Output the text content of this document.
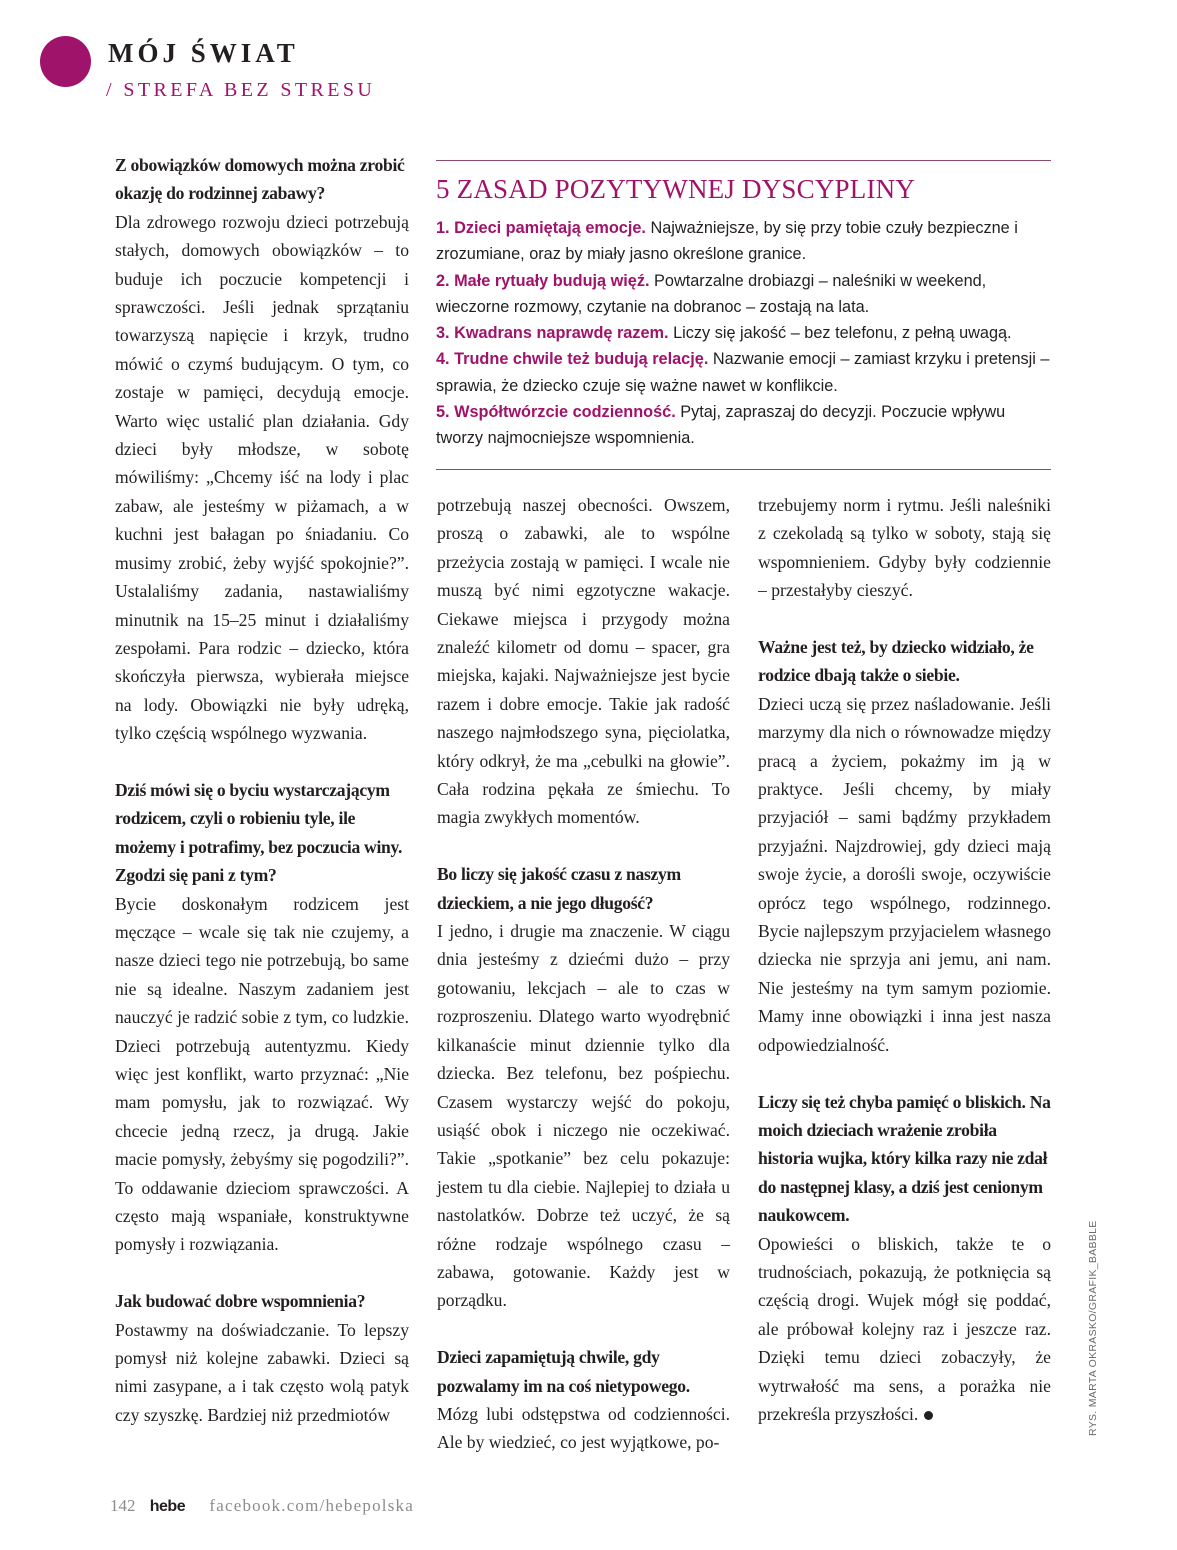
MÓJ ŚWIAT
/ STREFA BEZ STRESU

Z obowiązków domowych można zrobić okazję do rodzinnej zabawy?
Dla zdrowego rozwoju dzieci potrzebują stałych, domowych obowiązków – to buduje ich poczucie kompetencji i sprawczości. Jeśli jednak sprzątaniu towarzyszą napięcie i krzyk, trudno mówić o czymś budującym. O tym, co zostaje w pamięci, decydują emocje. Warto więc ustalić plan działania. Gdy dzieci były młodsze, w sobotę mówiliśmy: „Chcemy iść na lody i plac zabaw, ale jesteśmy w piżamach, a w kuchni jest bałagan po śniadaniu. Co musimy zrobić, żeby wyjść spokojnie?”. Ustalaliśmy zadania, nastawialiśmy minutnik na 15–25 minut i działaliśmy zespołami. Para rodzic – dziecko, która skończyła pierwsza, wybierała miejsce na lody. Obowiązki nie były udręką, tylko częścią wspólnego wyzwania.

Dziś mówi się o byciu wystarczającym rodzicem, czyli o robieniu tyle, ile możemy i potrafimy, bez poczucia winy. Zgodzi się pani z tym?
Bycie doskonałym rodzicem jest męczące – wcale się tak nie czujemy, a nasze dzieci tego nie potrzebują, bo same nie są idealne. Naszym zadaniem jest nauczyć je radzić sobie z tym, co ludzkie. Dzieci potrzebują autentyzmu. Kiedy więc jest konflikt, warto przyznać: „Nie mam pomysłu, jak to rozwiązać. Wy chcecie jedną rzecz, ja drugą. Jakie macie pomysły, żebyśmy się pogodzili?”. To oddawanie dzieciom sprawczości. A często mają wspaniałe, konstruktywne pomysły i rozwiązania.

Jak budować dobre wspomnienia?
Postawmy na doświadczanie. To lepszy pomysł niż kolejne zabawki. Dzieci są nimi zasypane, a i tak często wolą patyk czy szyszkę. Bardziej niż przedmiotów

5 ZASAD POZYTYWNEJ DYSCYPLINY
1. Dzieci pamiętają emocje. Najważniejsze, by się przy tobie czuły bezpieczne i zrozumiane, oraz by miały jasno określone granice.
2. Małe rytuały budują więź. Powtarzalne drobiazgi – naleśniki w weekend, wieczorne rozmowy, czytanie na dobranoc – zostają na lata.
3. Kwadrans naprawdę razem. Liczy się jakość – bez telefonu, z pełną uwagą.
4. Trudne chwile też budują relację. Nazwanie emocji – zamiast krzyku i pretensji – sprawia, że dziecko czuje się ważne nawet w konflikcie.
5. Współtwórzcie codzienność. Pytaj, zapraszaj do decyzji. Poczucie wpływu tworzy najmocniejsze wspomnienia.

potrzebują naszej obecności. Owszem, proszą o zabawki, ale to wspólne przeżycia zostają w pamięci. I wcale nie muszą być nimi egzotyczne wakacje. Ciekawe miejsca i przygody można znaleźć kilometr od domu – spacer, gra miejska, kajaki. Najważniejsze jest bycie razem i dobre emocje. Takie jak radość naszego najmłodszego syna, pięciolatka, który odkrył, że ma „cebulki na głowie”. Cała rodzina pękała ze śmiechu. To magia zwykłych momentów.

Bo liczy się jakość czasu z naszym dzieckiem, a nie jego długość?
I jedno, i drugie ma znaczenie. W ciągu dnia jesteśmy z dziećmi dużo – przy gotowaniu, lekcjach – ale to czas w rozproszeniu. Dlatego warto wyodrębnić kilkanaście minut dziennie tylko dla dziecka. Bez telefonu, bez pośpiechu. Czasem wystarczy wejść do pokoju, usiąść obok i niczego nie oczekiwać. Takie „spotkanie” bez celu pokazuje: jestem tu dla ciebie. Najlepiej to działa u nastolatków. Dobrze też uczyć, że są różne rodzaje wspólnego czasu – zabawa, gotowanie. Każdy jest w porządku.

Dzieci zapamiętują chwile, gdy pozwalamy im na coś nietypowego.
Mózg lubi odstępstwa od codzienności. Ale by wiedzieć, co jest wyjątkowe, po-

trzebujemy norm i rytmu. Jeśli naleśniki z czekoladą są tylko w soboty, stają się wspomnieniem. Gdyby były codziennie – przestałyby cieszyć.

Ważne jest też, by dziecko widziało, że rodzice dbają także o siebie.
Dzieci uczą się przez naśladowanie. Jeśli marzymy dla nich o równowadze między pracą a życiem, pokażmy im ją w praktyce. Jeśli chcemy, by miały przyjaciół – sami bądźmy przykładem przyjaźni. Najzdrowiej, gdy dzieci mają swoje życie, a dorośli swoje, oczywiście oprócz tego wspólnego, rodzinnego. Bycie najlepszym przyjacielem własnego dziecka nie sprzyja ani jemu, ani nam. Nie jesteśmy na tym samym poziomie. Mamy inne obowiązki i inna jest nasza odpowiedzialność.

Liczy się też chyba pamięć o bliskich. Na moich dzieciach wrażenie zrobiła historia wujka, który kilka razy nie zdał do następnej klasy, a dziś jest cenionym naukowcem.
Opowieści o bliskich, także te o trudnościach, pokazują, że potknięcia są częścią drogi. Wujek mógł się poddać, ale próbował kolejny raz i jeszcze raz. Dzięki temu dzieci zobaczyły, że wytrwałość ma sens, a porażka nie przekreśla przyszłości.	RYS. MARTA OKRASKO/GRAFIK_BABBLE
142 hebe facebook.com/hebepolska
